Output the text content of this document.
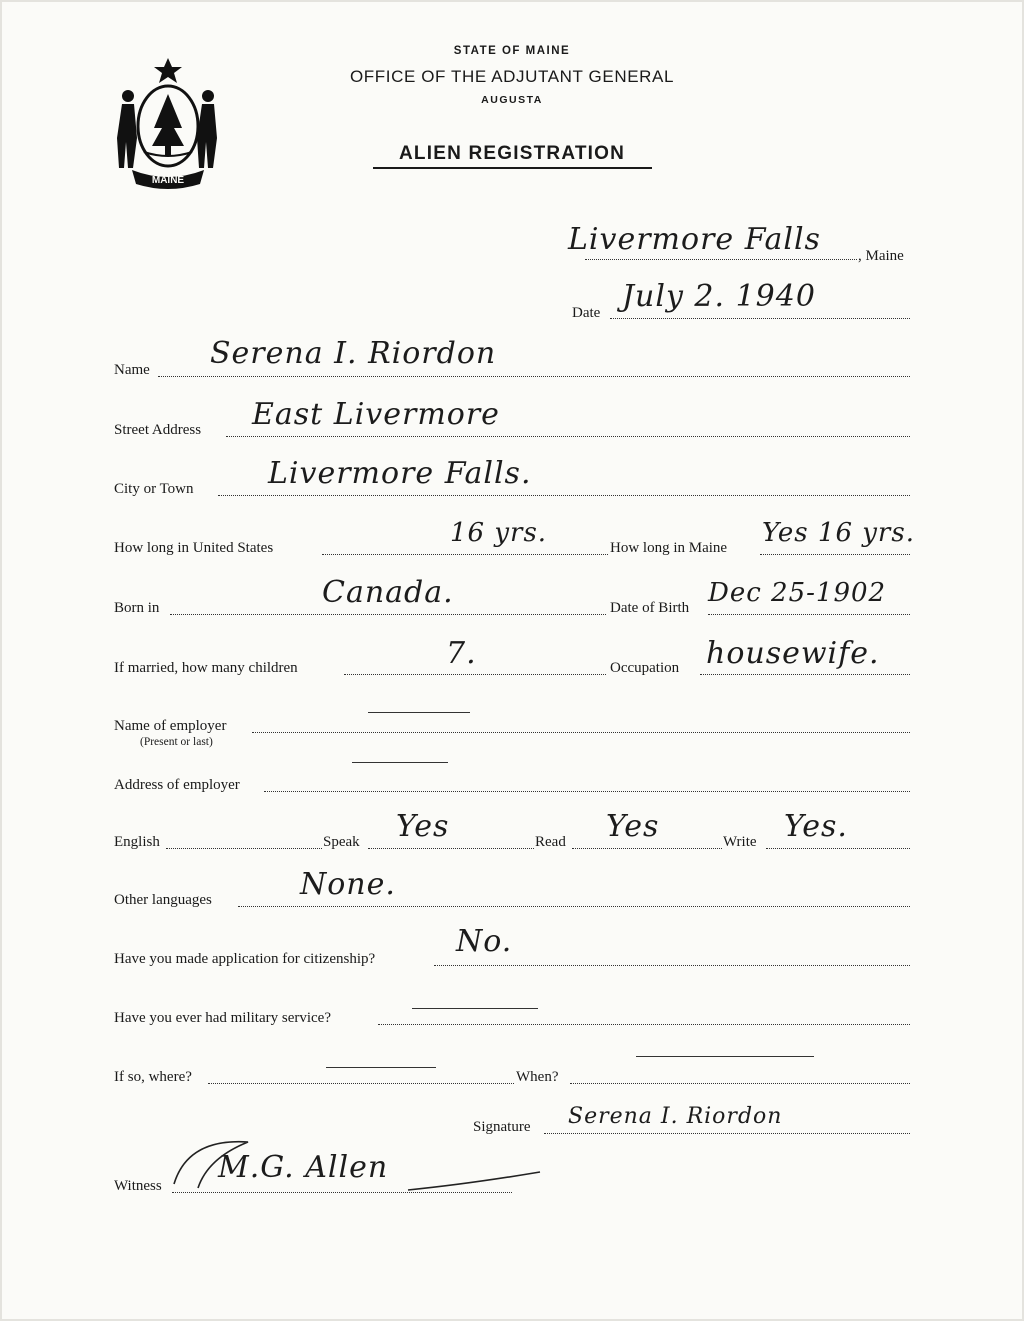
MAINE
STATE OF MAINE
OFFICE OF THE ADJUTANT GENERAL
AUGUSTA
ALIEN REGISTRATION
Livermore Falls , Maine
Date July 2. 1940
Name Serena I. Riordon
Street Address East Livermore
City or Town Livermore Falls.
How long in United States	16 yrs.	How long in Maine Yes 16 yrs.
Born in	Canada.	Date of Birth Dec 25-1902
If married, how many children	7.	Occupation housewife.
Name of employer
(Present or last)
Address of employer
English	Speak Yes	Read Yes	Write Yes.
Other languages	None.
Have you made application for citizenship?	No.
Have you ever had military service?
If so, where?	When?
Signature Serena I. Riordon
Witness
M.G. Allen
